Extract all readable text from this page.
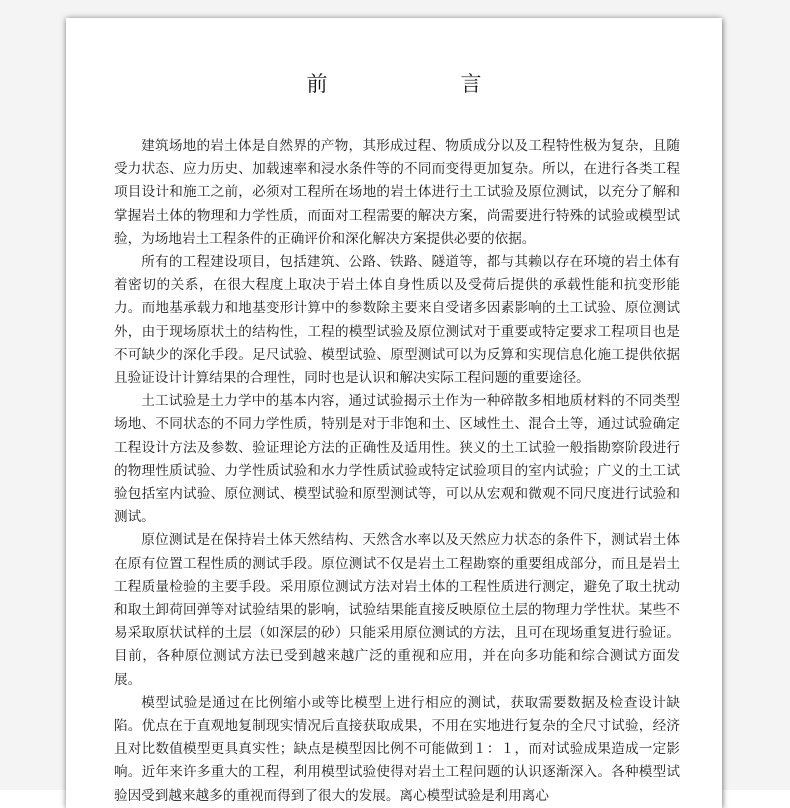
前　言

建筑场地的岩土体是自然界的产物，其形成过程、物质成分以及工程特性极为复杂，且随受力状态、应力历史、加载速率和浸水条件等的不同而变得更加复杂。所以，在进行各类工程项目设计和施工之前，必须对工程所在场地的岩土体进行土工试验及原位测试，以充分了解和掌握岩土体的物理和力学性质，而面对工程需要的解决方案，尚需要进行特殊的试验或模型试验，为场地岩土工程条件的正确评价和深化解决方案提供必要的依据。

所有的工程建设项目，包括建筑、公路、铁路、隧道等，都与其赖以存在环境的岩土体有着密切的关系，在很大程度上取决于岩土体自身性质以及受荷后提供的承载性能和抗变形能力。而地基承载力和地基变形计算中的参数除主要来自受诸多因素影响的土工试验、原位测试外，由于现场原状土的结构性，工程的模型试验及原位测试对于重要或特定要求工程项目也是不可缺少的深化手段。足尺试验、模型试验、原型测试可以为反算和实现信息化施工提供依据且验证设计计算结果的合理性，同时也是认识和解决实际工程问题的重要途径。

土工试验是土力学中的基本内容，通过试验揭示土作为一种碎散多相地质材料的不同类型场地、不同状态的不同力学性质，特别是对于非饱和土、区域性土、混合土等，通过试验确定工程设计方法及参数、验证理论方法的正确性及适用性。狭义的土工试验一般指勘察阶段进行的物理性质试验、力学性质试验和水力学性质试验或特定试验项目的室内试验；广义的土工试验包括室内试验、原位测试、模型试验和原型测试等，可以从宏观和微观不同尺度进行试验和测试。

原位测试是在保持岩土体天然结构、天然含水率以及天然应力状态的条件下，测试岩土体在原有位置工程性质的测试手段。原位测试不仅是岩土工程勘察的重要组成部分，而且是岩土工程质量检验的主要手段。采用原位测试方法对岩土体的工程性质进行测定，避免了取土扰动和取土卸荷回弹等对试验结果的影响，试验结果能直接反映原位土层的物理力学性状。某些不易采取原状试样的土层（如深层的砂）只能采用原位测试的方法，且可在现场重复进行验证。目前，各种原位测试方法已受到越来越广泛的重视和应用，并在向多功能和综合测试方面发展。

模型试验是通过在比例缩小或等比模型上进行相应的测试，获取需要数据及检查设计缺陷。优点在于直观地复制现实情况后直接获取成果，不用在实地进行复杂的全尺寸试验，经济且对比数值模型更具真实性；缺点是模型因比例不可能做到１：１，而对试验成果造成一定影响。近年来许多重大的工程，利用模型试验使得对岩土工程问题的认识逐渐深入。各种模型试验因受到越来越多的重视而得到了很大的发展。离心模型试验是利用离心
